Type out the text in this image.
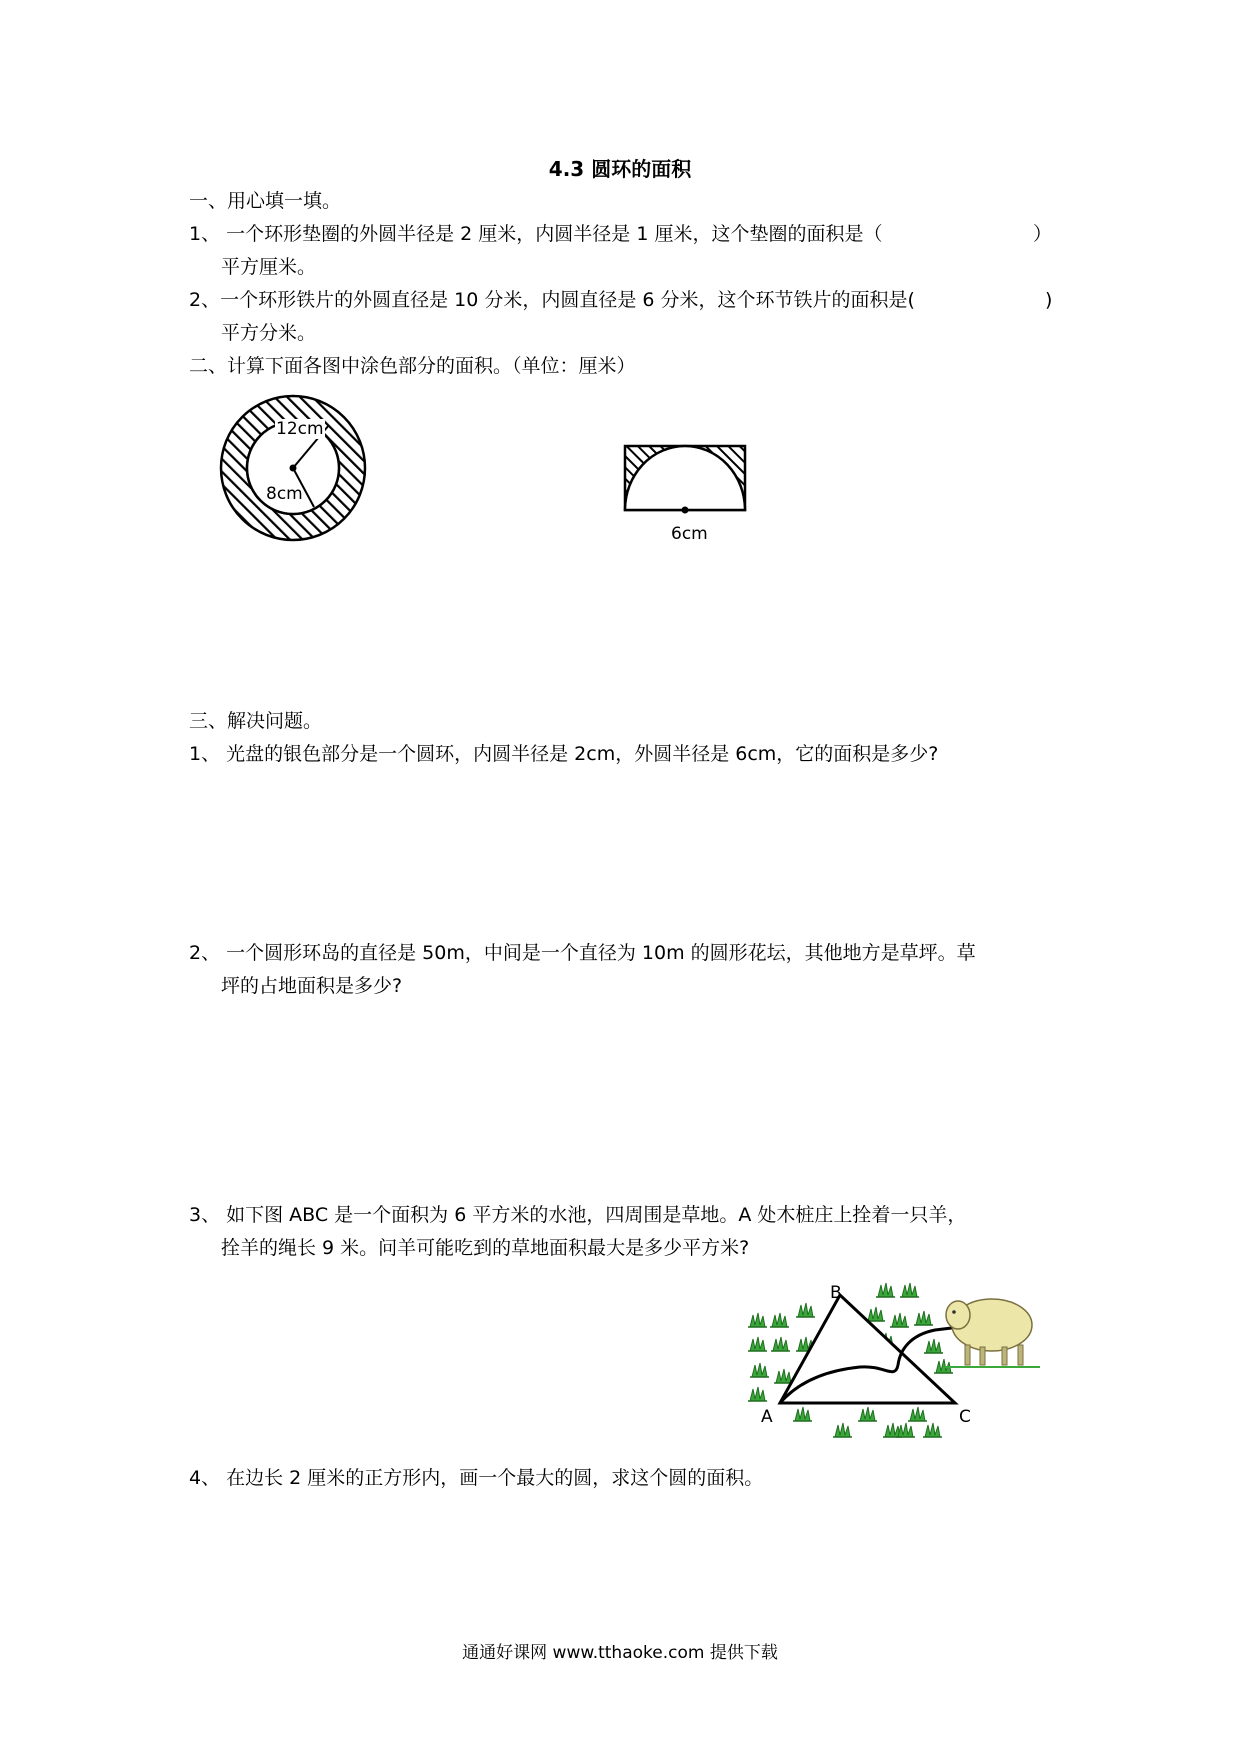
4.3 圆环的面积

一、用心填一填。

1、 一个环形垫圈的外圆半径是 2 厘米，内圆半径是 1 厘米，这个垫圈的面积是（	）

平方厘米。

2、一个环形铁片的外圆直径是 10 分米，内圆直径是 6 分米，这个环节铁片的面积是(	)

平方分米。

二、计算下面各图中涂色部分的面积。（单位：厘米）

12cm
8cm
6cm

三、解决问题。

1、 光盘的银色部分是一个圆环，内圆半径是 2cm，外圆半径是 6cm，它的面积是多少?

2、 一个圆形环岛的直径是 50m，中间是一个直径为 10m 的圆形花坛，其他地方是草坪。草

坪的占地面积是多少?

3、 如下图 ABC 是一个面积为 6 平方米的水池，四周围是草地。A 处木桩庄上拴着一只羊，

拴羊的绳长 9 米。问羊可能吃到的草地面积最大是多少平方米?

B
A	C

4、 在边长 2 厘米的正方形内，画一个最大的圆，求这个圆的面积。

通通好课网 www.tthaoke.com 提供下载
